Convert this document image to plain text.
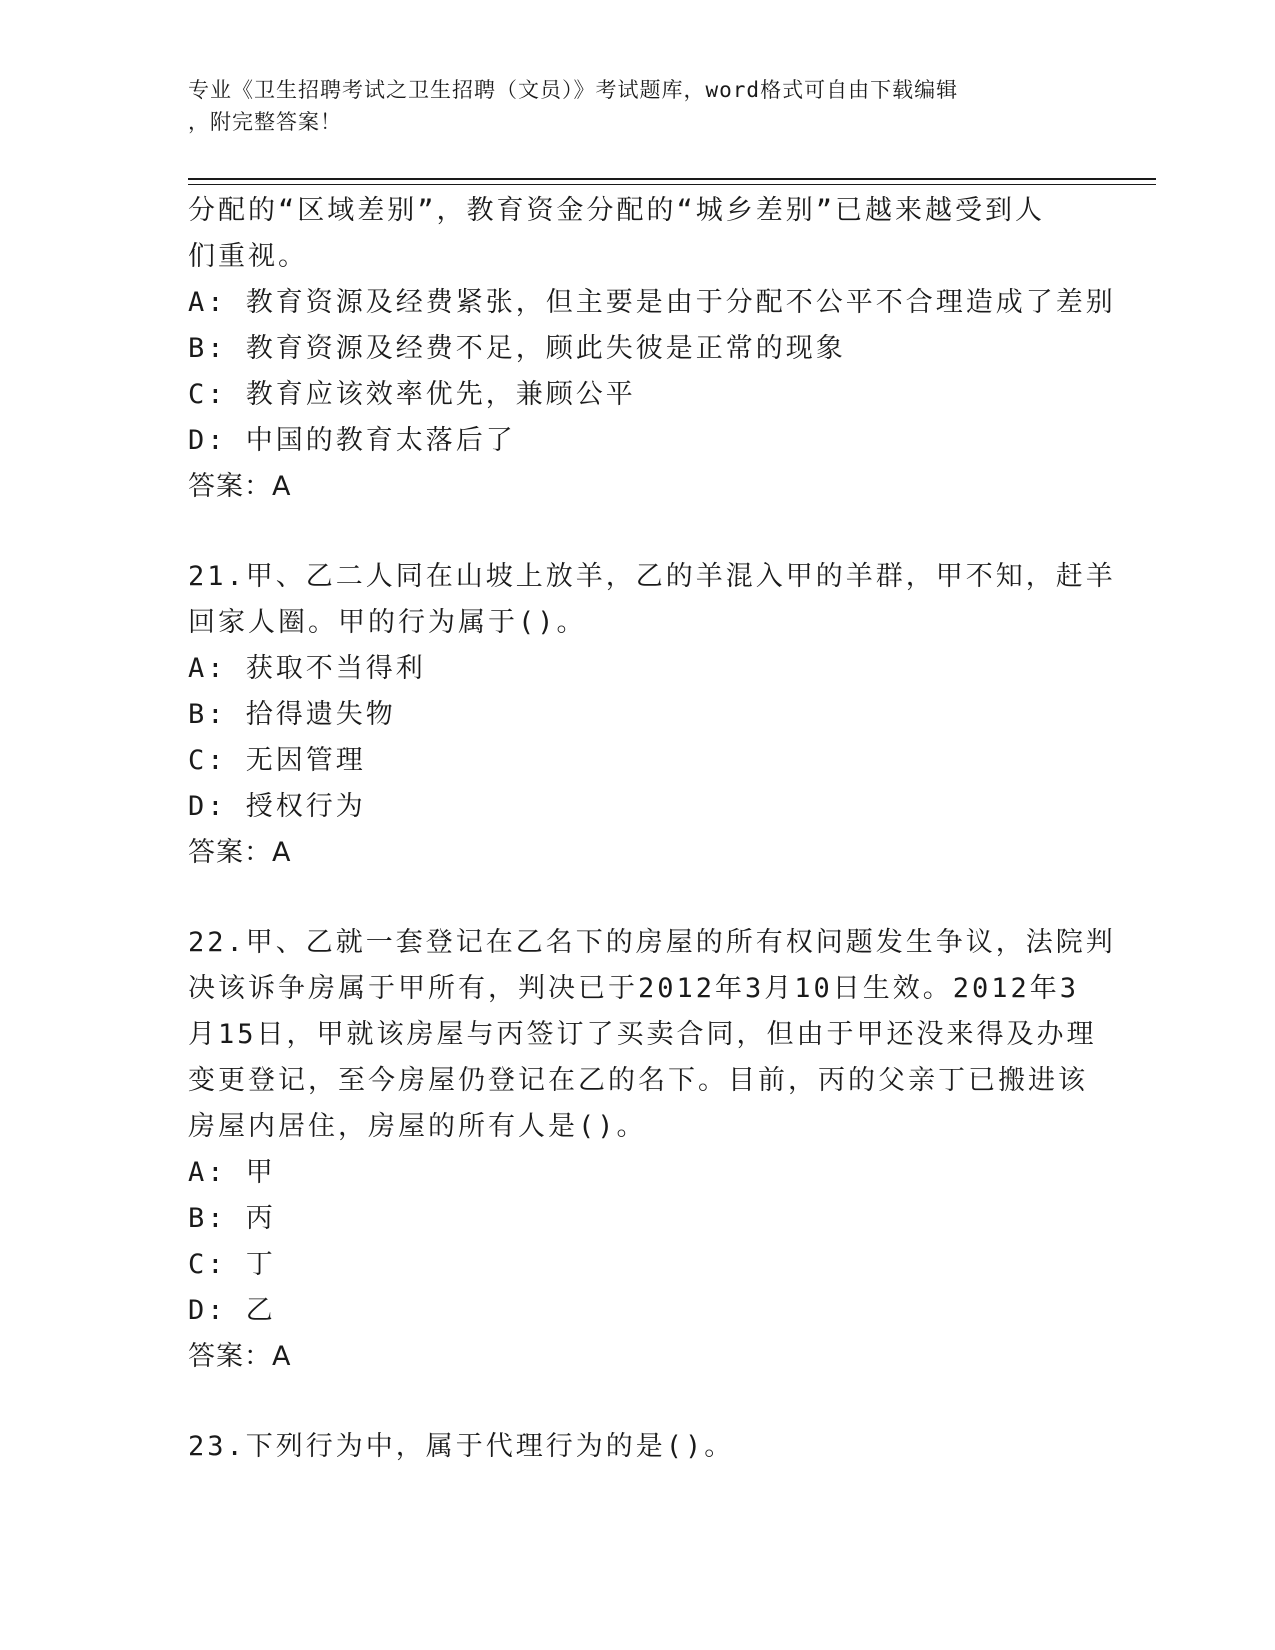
专业《卫生招聘考试之卫生招聘（文员）》考试题库，word格式可自由下载编辑
，附完整答案！
分配的“区域差别”，教育资金分配的“城乡差别”已越来越受到人
们重视。
A: 教育资源及经费紧张，但主要是由于分配不公平不合理造成了差别
B: 教育资源及经费不足，顾此失彼是正常的现象
C: 教育应该效率优先，兼顾公平
D: 中国的教育太落后了
答案：A
21.甲、乙二人同在山坡上放羊，乙的羊混入甲的羊群，甲不知，赶羊
回家人圈。甲的行为属于()。
A: 获取不当得利
B: 拾得遗失物
C: 无因管理
D: 授权行为
答案：A
22.甲、乙就一套登记在乙名下的房屋的所有权问题发生争议，法院判
决该诉争房属于甲所有，判决已于2012年3月10日生效。2012年3
月15日，甲就该房屋与丙签订了买卖合同，但由于甲还没来得及办理
变更登记，至今房屋仍登记在乙的名下。目前，丙的父亲丁已搬进该
房屋内居住，房屋的所有人是()。
A: 甲
B: 丙
C: 丁
D: 乙
答案：A
23.下列行为中，属于代理行为的是()。
